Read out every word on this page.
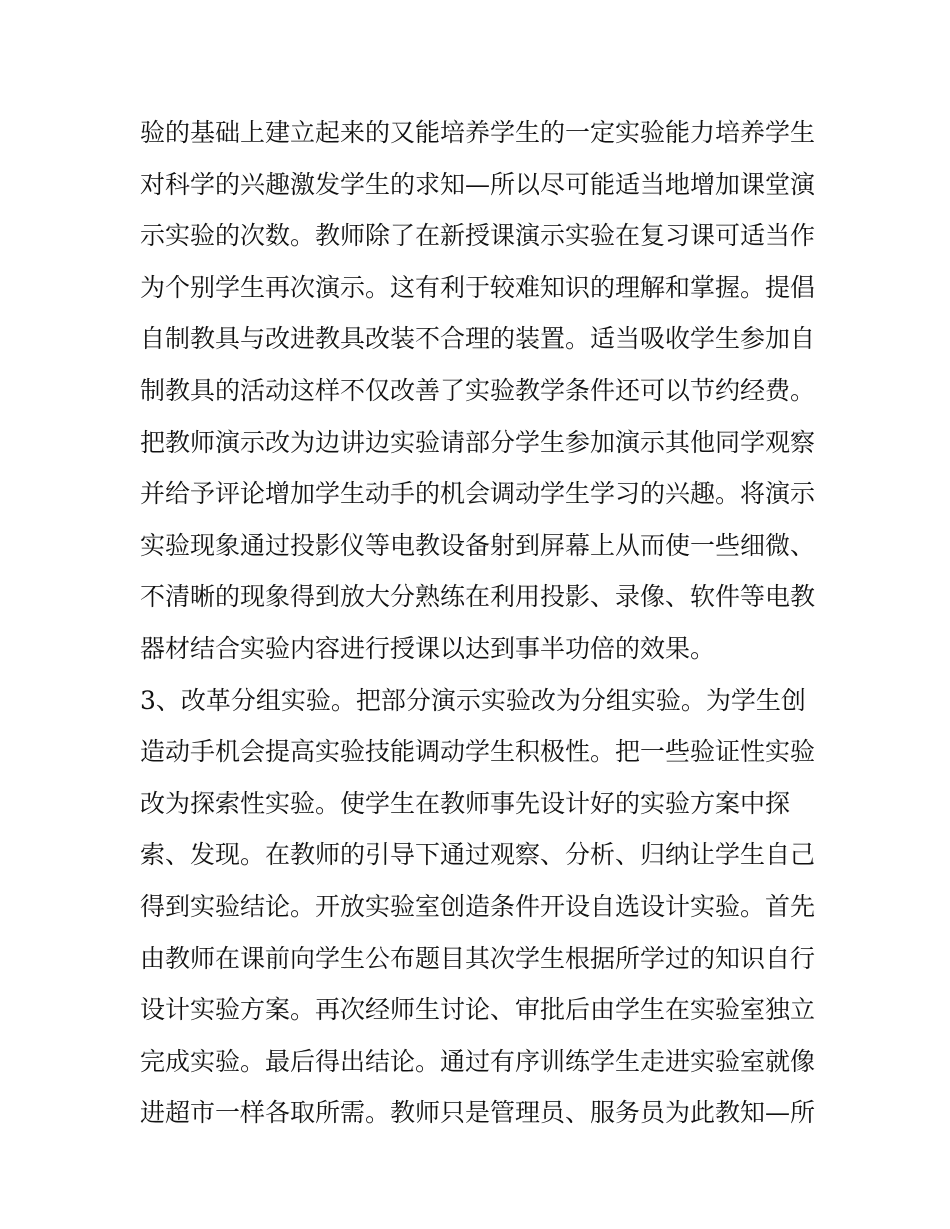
验的基础上建立起来的又能培养学生的一定实验能力培养学生
对科学的兴趣激发学生的求知—所以尽可能适当地增加课堂演
示实验的次数。教师除了在新授课演示实验在复习课可适当作
为个别学生再次演示。这有利于较难知识的理解和掌握。提倡
自制教具与改进教具改装不合理的装置。适当吸收学生参加自
制教具的活动这样不仅改善了实验教学条件还可以节约经费。
把教师演示改为边讲边实验请部分学生参加演示其他同学观察
并给予评论增加学生动手的机会调动学生学习的兴趣。将演示
实验现象通过投影仪等电教设备射到屏幕上从而使一些细微、
不清晰的现象得到放大分熟练在利用投影、录像、软件等电教
器材结合实验内容进行授课以达到事半功倍的效果。
3、改革分组实验。把部分演示实验改为分组实验。为学生创
造动手机会提高实验技能调动学生积极性。把一些验证性实验
改为探索性实验。使学生在教师事先设计好的实验方案中探
索、发现。在教师的引导下通过观察、分析、归纳让学生自己
得到实验结论。开放实验室创造条件开设自选设计实验。首先
由教师在课前向学生公布题目其次学生根据所学过的知识自行
设计实验方案。再次经师生讨论、审批后由学生在实验室独立
完成实验。最后得出结论。通过有序训练学生走进实验室就像
进超市一样各取所需。教师只是管理员、服务员为此教知—所
